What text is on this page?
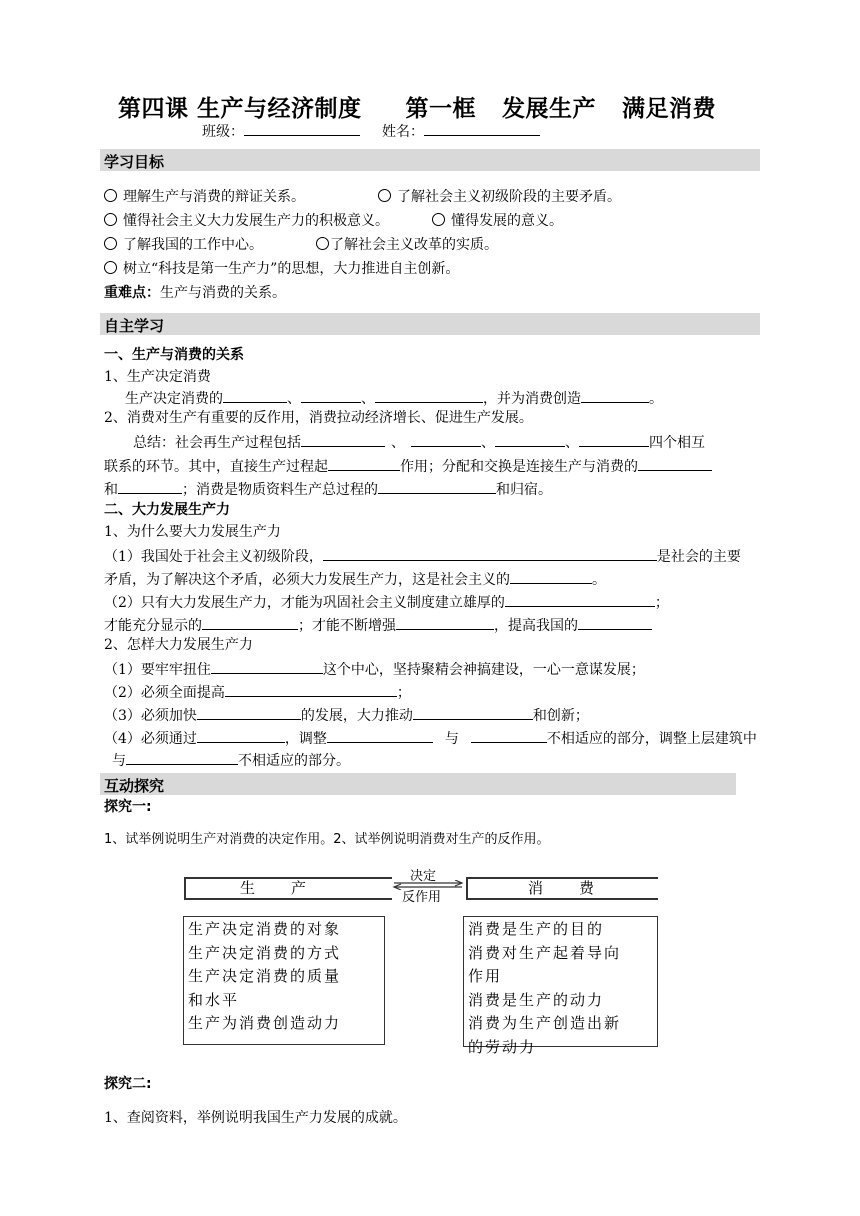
第四课 生产与经济制度 第一框 发展生产 满足消费
班级：	姓名：
学习目标
理解生产与消费的辩证关系。	了解社会主义初级阶段的主要矛盾。
懂得社会主义大力发展生产力的积极意义。	懂得发展的意义。
了解我国的工作中心。	了解社会主义改革的实质。
树立“科技是第一生产力”的思想，大力推进自主创新。
重难点：生产与消费的关系。
自主学习
一、生产与消费的关系
1、生产决定消费
生产决定消费的	、	、	，并为消费创造	。
2、消费对生产有重要的反作用，消费拉动经济增长、促进生产发展。
总结：社会再生产过程包括	、	、	、	四个相互
联系的环节。其中，直接生产过程起	作用；分配和交换是连接生产与消费的
和	；消费是物质资料生产总过程的	和归宿。
二、大力发展生产力
1、为什么要大力发展生产力
（1）我国处于社会主义初级阶段，	是社会的主要
矛盾，为了解决这个矛盾，必须大力发展生产力，这是社会主义的	。
（2）只有大力发展生产力，才能为巩固社会主义制度建立雄厚的	；
才能充分显示的	；才能不断增强	，提高我国的
2、怎样大力发展生产力
（1）要牢牢扭住	这个中心，坚持聚精会神搞建设，一心一意谋发展；
（2）必须全面提高	；
（3）必须加快	的发展，大力推动	和创新；
（4）必须通过	，调整	与	不相适应的部分，调整上层建筑中
与	不相适应的部分。
互动探究
探究一:
1、试举例说明生产对消费的决定作用。2、试举例说明消费对生产的反作用。
生　　产
决定
反作用
消　　费
生产决定消费的对象
生产决定消费的方式
生产决定消费的质量
和水平
生产为消费创造动力
消费是生产的目的
消费对生产起着导向
作用
消费是生产的动力
消费为生产创造出新
的劳动力
探究二:
1、查阅资料，举例说明我国生产力发展的成就。
